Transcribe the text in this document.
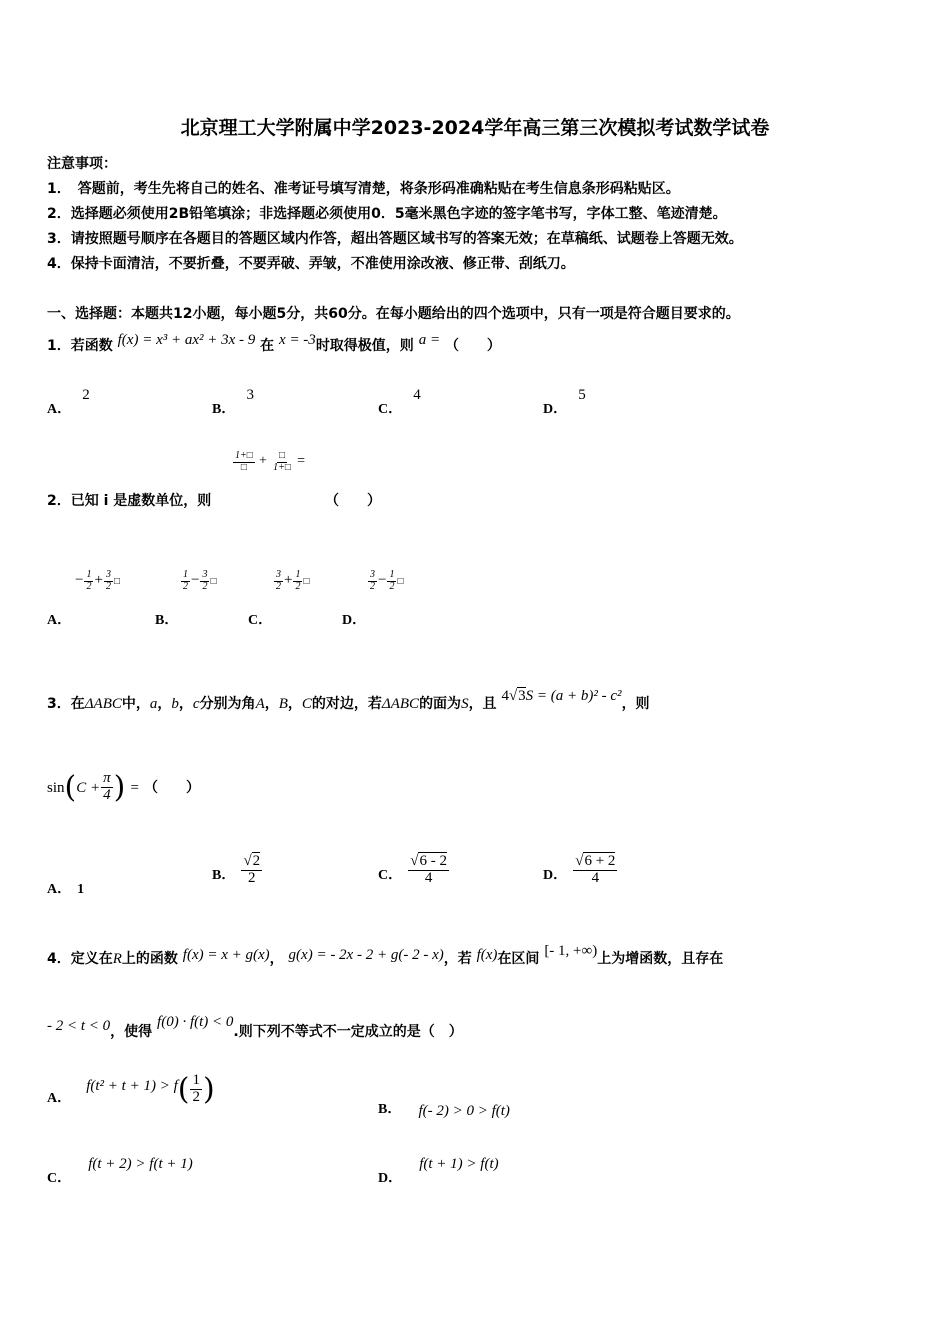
北京理工大学附属中学2023-2024学年高三第三次模拟考试数学试卷
注意事项：
1．　答题前，考生先将自己的姓名、准考证号填写清楚，将条形码准确粘贴在考生信息条形码粘贴区。
2．选择题必须使用2B铅笔填涂；非选择题必须使用0．5毫米黑色字迹的签字笔书写，字体工整、笔迹清楚。
3．请按照题号顺序在各题目的答题区域内作答，超出答题区域书写的答案无效；在草稿纸、试题卷上答题无效。
4．保持卡面清洁，不要折叠，不要弄破、弄皱，不准使用涂改液、修正带、刮纸刀。
一、选择题：本题共12小题，每小题5分，共60分。在每小题给出的四个选项中，只有一项是符合题目要求的。
1．若函数 f(x) = x³ + ax² + 3x - 9 在 x = -3时取得极值，则 a = （　　）
A． 2
B． 3
C． 4
D． 5
$\frac{1+□}{□} + \frac{□}{1+□}$ =
2．已知 i 是虚数单位，则	（　　）
− $\frac{1}{2} + \frac{3}{2}$ □	$\frac{1}{2} - \frac{3}{2}$ □	$\frac{3}{2} + \frac{1}{2}$ □	$\frac{3}{2} - \frac{1}{2}$ □
A．	B．	C．	D．
3．在ΔABC中，a，b，c分别为角A，B，C的对边，若ΔABC的面为S，且 4√3S = (a + b)² - c²，则
$\sin(C + \frac{\pi}{4}$ ) = （　　）
A． 1
B． $\frac{√2}{2}$	C． $\frac{√6 - 2}{4}$	D． $\frac{√6 + 2}{4}$
4．定义在R上的函数 f(x) = x + g(x)， g(x) = - 2x - 2 + g(- 2 - x)，若 f(x)在区间 [- 1, +∞)上为增函数，且存在
- 2 < t < 0，使得 f(0) · f(t) < 0.则下列不等式不一定成立的是（　）
A． $f(t^2 + t + 1) > f( \frac{1}{2}$ )
B． f(- 2) > 0 > f(t)
C． f(t + 2) > f(t + 1)
D． f(t + 1) > f(t)
